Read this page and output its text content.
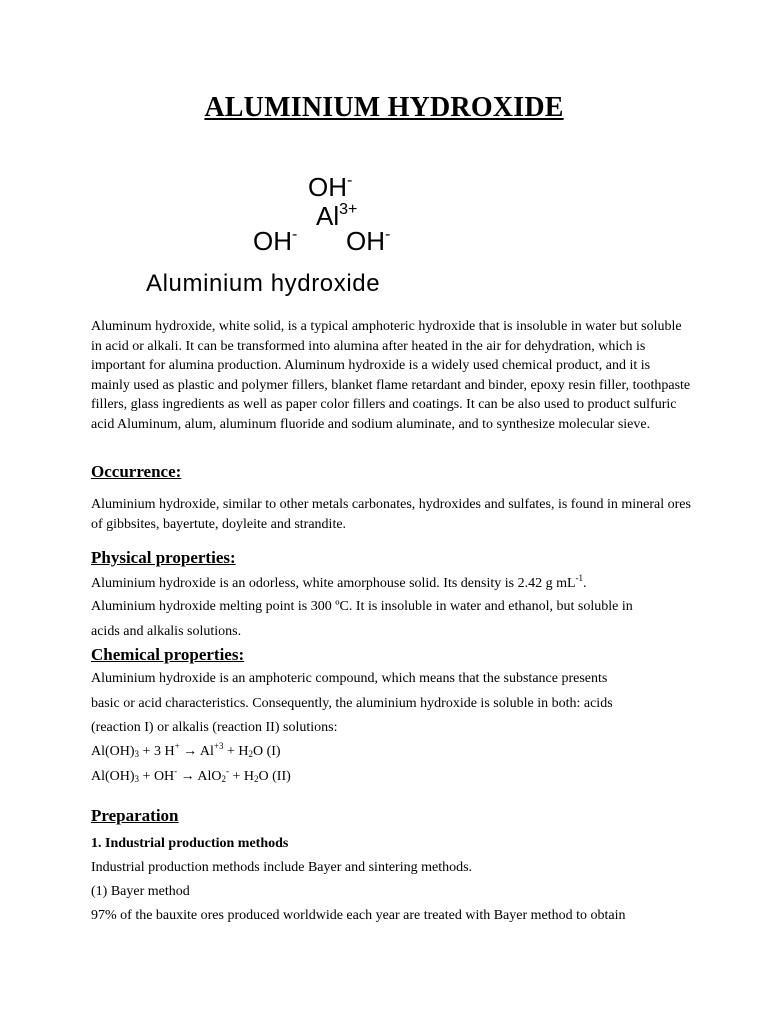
ALUMINIUM HYDROXIDE
OH-
$Al^{3+}$
OH- OH-
Aluminium hydroxide

Aluminum hydroxide, white solid, is a typical amphoteric hydroxide that is insoluble in water but soluble in acid or alkali. It can be transformed into alumina after heated in the air for dehydration, which is important for alumina production. Aluminum hydroxide is a widely used chemical product, and it is mainly used as plastic and polymer fillers, blanket flame retardant and binder, epoxy resin filler, toothpaste fillers, glass ingredients as well as paper color fillers and coatings. It can be also used to product sulfuric acid Aluminum, alum, aluminum fluoride and sodium aluminate, and to synthesize molecular sieve.

Occurrence:

Aluminium hydroxide, similar to other metals carbonates, hydroxides and sulfates, is found in mineral ores of gibbsites, bayertute, doyleite and strandite.

Physical properties:
Aluminium hydroxide is an odorless, white amorphouse solid. Its density is 2.42 g $mL^{-1}$.
Aluminium hydroxide melting point is 300 ºC. It is insoluble in water and ethanol, but soluble in
acids and alkalis solutions.
Chemical properties:
Aluminium hydroxide is an amphoteric compound, which means that the substance presents
basic or acid characteristics. Consequently, the aluminium hydroxide is soluble in both: acids
(reaction I) or alkalis (reaction II) solutions:
$Al(OH)_3 + 3$ $H^+ \to Al^{+3} + H_2O$ (I)
$Al(OH)_3 + OH^- \to AlO_2^- + H_2O$ (II)
Preparation
1. Industrial production methods
Industrial production methods include Bayer and sintering methods.
(1) Bayer method
97% of the bauxite ores produced worldwide each year are treated with Bayer method to obtain
